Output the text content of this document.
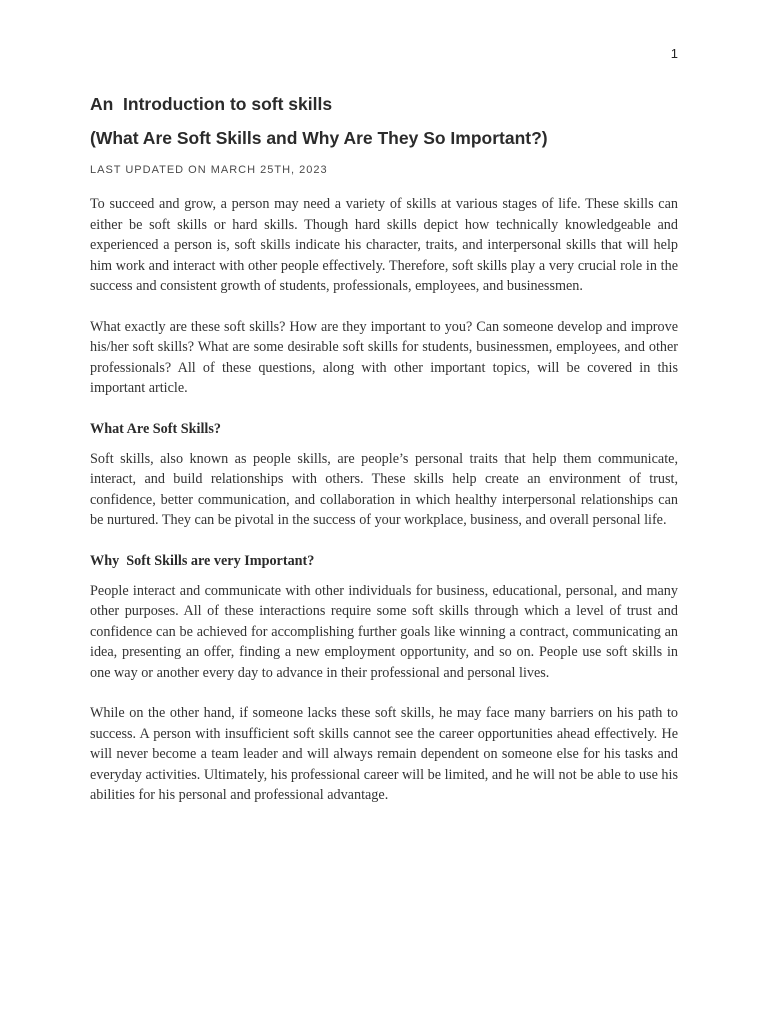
1
An  Introduction to soft skills
(What Are Soft Skills and Why Are They So Important?)
LAST UPDATED ON MARCH 25TH, 2023

To succeed and grow, a person may need a variety of skills at various stages of life. These skills can either be soft skills or hard skills. Though hard skills depict how technically knowledgeable and experienced a person is, soft skills indicate his character, traits, and interpersonal skills that will help him work and interact with other people effectively. Therefore, soft skills play a very crucial role in the success and consistent growth of students, professionals, employees, and businessmen.

What exactly are these soft skills? How are they important to you? Can someone develop and improve his/her soft skills? What are some desirable soft skills for students, businessmen, employees, and other professionals? All of these questions, along with other important topics, will be covered in this important article.

What Are Soft Skills?

Soft skills, also known as people skills, are people’s personal traits that help them communicate, interact, and build relationships with others. These skills help create an environment of trust, confidence, better communication, and collaboration in which healthy interpersonal relationships can be nurtured. They can be pivotal in the success of your workplace, business, and overall personal life.

Why  Soft Skills are very Important?

People interact and communicate with other individuals for business, educational, personal, and many other purposes. All of these interactions require some soft skills through which a level of trust and confidence can be achieved for accomplishing further goals like winning a contract, communicating an idea, presenting an offer, finding a new employment opportunity, and so on. People use soft skills in one way or another every day to advance in their professional and personal lives.

While on the other hand, if someone lacks these soft skills, he may face many barriers on his path to success. A person with insufficient soft skills cannot see the career opportunities ahead effectively. He will never become a team leader and will always remain dependent on someone else for his tasks and everyday activities. Ultimately, his professional career will be limited, and he will not be able to use his abilities for his personal and professional advantage.
